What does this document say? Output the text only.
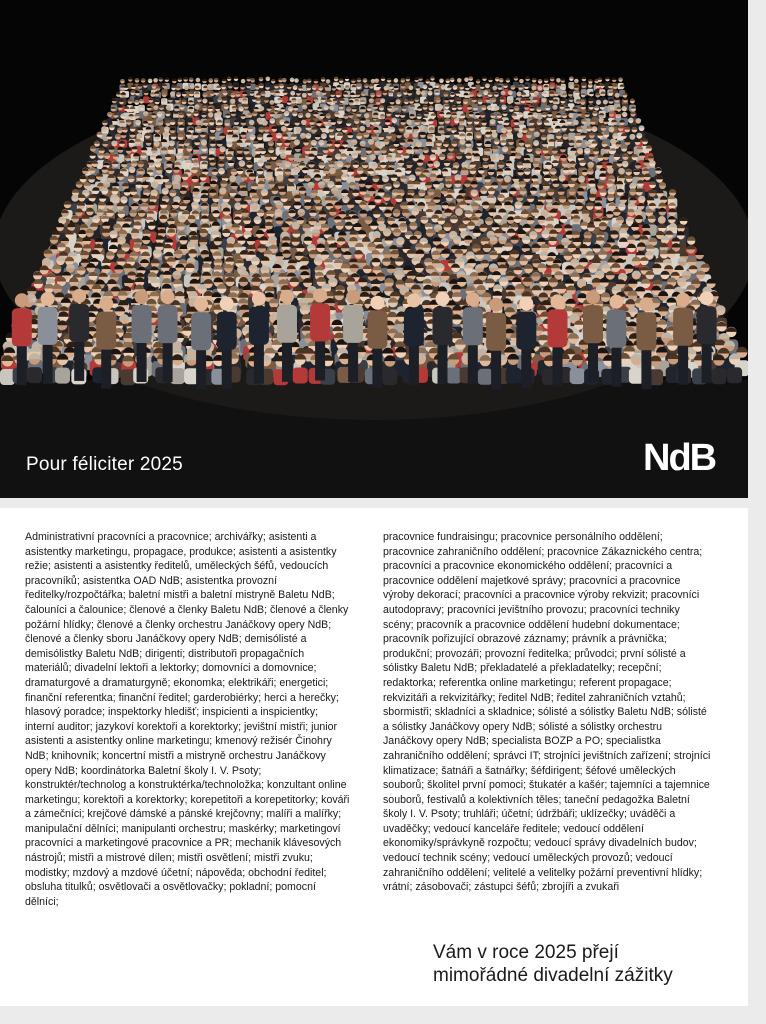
Pour féliciter 2025	NdB
Administrativní pracovníci a pracovnice; archivářky; asistenti a asistentky marketingu, propagace, produkce; asistenti a asistentky režie; asistenti a asistentky ředitelů, uměleckých šéfů, vedoucích pracovníků; asistentka OAD NdB; asistentka provozní ředitelky/rozpočtářka; baletní mistři a baletní mistryně Baletu NdB; čalouníci a čalounice; členové a členky Baletu NdB; členové a členky požární hlídky; členové a členky orchestru Janáčkovy opery NdB; členové a členky sboru Janáčkovy opery NdB; demisólisté a demisólistky Baletu NdB; dirigenti; distributoři propagačních materiálů; divadelní lektoři a lektorky; domovníci a domovnice; dramaturgové a dramaturgyně; ekonomka; elektrikáři; energetici; finanční referentka; finanční ředitel; garderobiérky; herci a herečky; hlasový poradce; inspektorky hledišť; inspicienti a inspicientky; interní auditor; jazykoví korektoři a korektorky; jevištní mistři; junior asistenti a asistentky online marketingu; kmenový režisér Činohry NdB; knihovník; koncertní mistři a mistryně orchestru Janáčkovy opery NdB; koordinátorka Baletní školy I. V. Psoty; konstruktér/technolog a konstruktérka/technoložka; konzultant online marketingu; korektoři a korektorky; korepetitoři a korepetitorky; kováři a zámečníci; krejčové dámské a pánské krejčovny; malíři a malířky; manipulační dělníci; manipulanti orchestru; maskérky; marketingoví pracovníci a marketingové pracovnice a PR; mechanik klávesových nástrojů; mistři a mistrové dílen; mistři osvětlení; mistři zvuku; modistky; mzdový a mzdové účetní; nápověda; obchodní ředitel; obsluha titulků; osvětlovači a osvětlovačky; pokladní; pomocní dělníci;
pracovnice fundraisingu; pracovnice personálního oddělení; pracovnice zahraničního oddělení; pracovnice Zákaznického centra; pracovníci a pracovnice ekonomického oddělení; pracovníci a pracovnice oddělení majetkové správy; pracovníci a pracovnice výroby dekorací; pracovníci a pracovnice výroby rekvizit; pracovníci autodopravy; pracovníci jevištního provozu; pracovníci techniky scény; pracovník a pracovnice oddělení hudební dokumentace; pracovník pořizující obrazové záznamy; právník a právnička; produkční; provozáři; provozní ředitelka; průvodci; první sólisté a sólistky Baletu NdB; překladatelé a překladatelky; recepční; redaktorka; referentka online marketingu; referent propagace; rekvizitáři a rekvizitářky; ředitel NdB; ředitel zahraničních vztahů; sbormistři; skladníci a skladnice; sólisté a sólistky Baletu NdB; sólisté a sólistky Janáčkovy opery NdB; sólisté a sólistky orchestru Janáčkovy opery NdB; specialista BOZP a PO; specialistka zahraničního oddělení; správci IT; strojníci jevištních zařízení; strojníci klimatizace; šatnáři a šatnářky; šéfdirigent; šéfové uměleckých souborů; školitel první pomoci; štukatér a kašér; tajemníci a tajemnice souborů, festivalů a kolektivních těles; taneční pedagožka Baletní školy I. V. Psoty; truhláři; účetní; údržbáři; uklízečky; uváděči a uvaděčky; vedoucí kanceláře ředitele; vedoucí oddělení ekonomiky/správkyně rozpočtu; vedoucí správy divadelních budov; vedoucí technik scény; vedoucí uměleckých provozů; vedoucí zahraničního oddělení; velitelé a velitelky požární preventivní hlídky; vrátní; zásobovači; zástupci šéfů; zbrojíři a zvukaři
Vám v roce 2025 přejí
mimořádné divadelní zážitky
